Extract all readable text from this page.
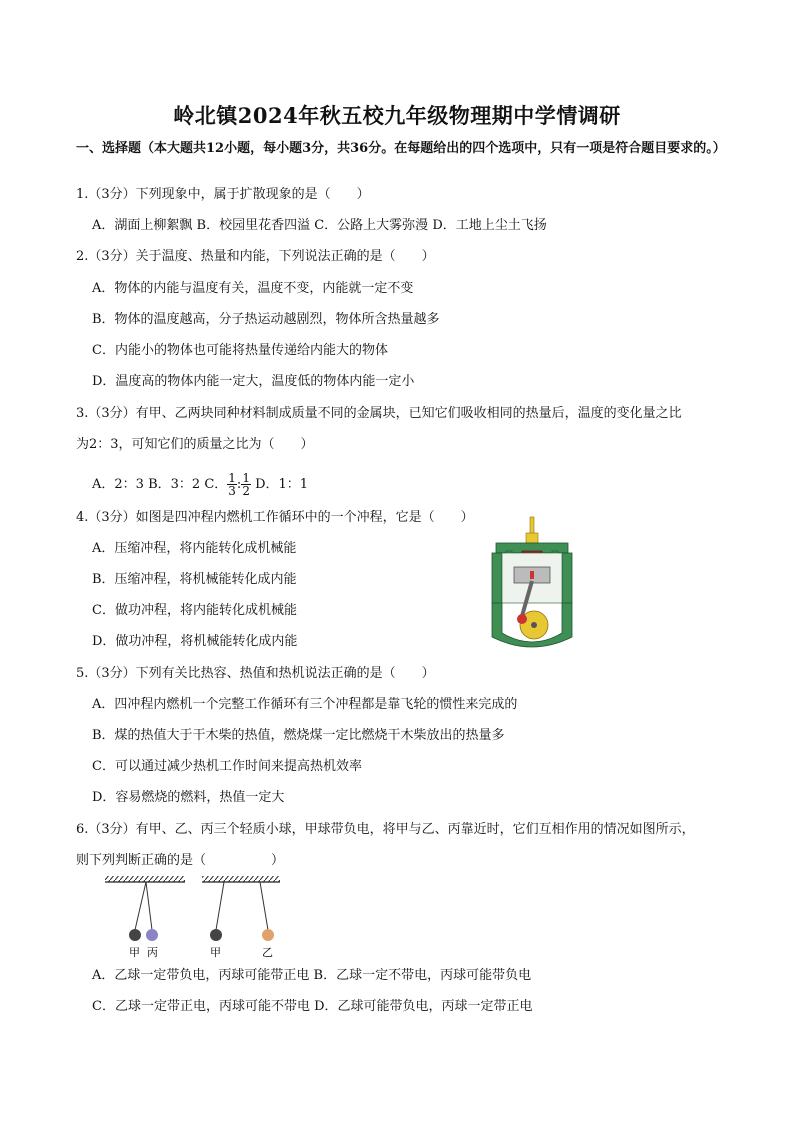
岭北镇2024年秋五校九年级物理期中学情调研
一、选择题（本大题共12小题，每小题3分，共36分。在每题给出的四个选项中，只有一项是符合题目要求的。）
1.（3分）下列现象中，属于扩散现象的是（　　）
A．湖面上柳絮飘 B．校园里花香四溢 C．公路上大雾弥漫 D．工地上尘土飞扬
2.（3分）关于温度、热量和内能，下列说法正确的是（　　）
A．物体的内能与温度有关，温度不变，内能就一定不变
B．物体的温度越高，分子热运动越剧烈，物体所含热量越多
C．内能小的物体也可能将热量传递给内能大的物体
D．温度高的物体内能一定大，温度低的物体内能一定小
3.（3分）有甲、乙两块同种材料制成质量不同的金属块，已知它们吸收相同的热量后，温度的变化量之比
为2：3，可知它们的质量之比为（　　）
A．2：3 B．3：2 C． $\frac{1}{3}$ : $\frac{1}{2}$ D．1：1
4.（3分）如图是四冲程内燃机工作循环中的一个冲程，它是（　　）
A．压缩冲程，将内能转化成机械能
B．压缩冲程，将机械能转化成内能
C．做功冲程，将内能转化成机械能
D．做功冲程，将机械能转化成内能
5.（3分）下列有关比热容、热值和热机说法正确的是（　　）
A．四冲程内燃机一个完整工作循环有三个冲程都是靠飞轮的惯性来完成的
B．煤的热值大于干木柴的热值，燃烧煤一定比燃烧干木柴放出的热量多
C．可以通过减少热机工作时间来提高热机效率
D．容易燃烧的燃料，热值一定大
6.（3分）有甲、乙、丙三个轻质小球，甲球带负电，将甲与乙、丙靠近时，它们互相作用的情况如图所示，
则下列判断正确的是（　　　　　）
甲 丙	甲	乙
A．乙球一定带负电，丙球可能带正电 B．乙球一定不带电，丙球可能带负电
C．乙球一定带正电，丙球可能不带电 D．乙球可能带负电，丙球一定带正电
